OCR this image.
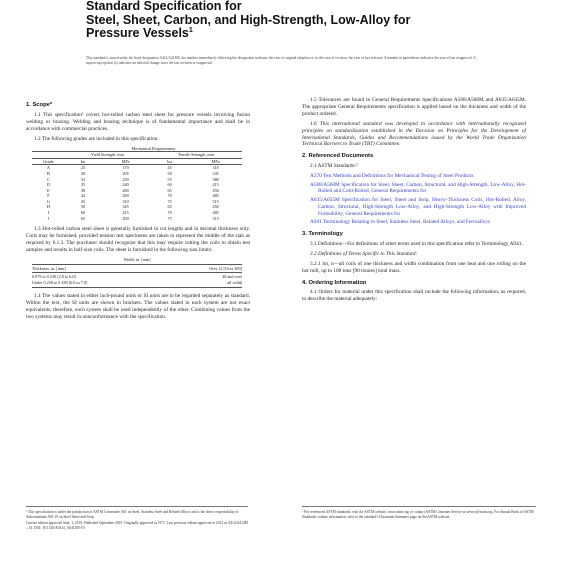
Standard Specification for
Steel, Sheet, Carbon, and High-Strength, Low-Alloy for
Pressure Vessels$^1$
This standard is issued under the fixed designation A414/A414M; the number immediately following the designation indicates the year of original adoption or, in the case of revision, the year of last revision. A number in parentheses indicates the year of last reapproval. A superscript epsilon (ε) indicates an editorial change since the last revision or reapproval.
1. Scope*

1.1 This specification¹ covers hot-rolled carbon steel sheet for pressure vessels involving fusion welding or brazing. Welding and brazing technique is of fundamental importance and shall be in accordance with commercial practices.

1.2 The following grades are included in this specification:

	Mechanical Requirements			
	Yield Strength, min		Tensile Strength, min	
Grade	ksi	MPa	ksi	MPa
A	25	170	45	310
B	30	205	50	345
C	33	230	55	380
D	35	240	60	415
E	38	260	65	450
F	42	290	70	485
G	45	310	75	515
H	50	345	65	450
I	60	415	70	485
J	65	450	75	515

1.3 Hot-rolled carbon steel sheet is generally furnished in cut lengths and in decimal thickness only. Coils may be furnished, provided tension test specimens are taken to represent the middle of the slab as required by 6.1.3. The purchaser should recognize that this may require cutting the coils to obtain test samples and results in half-size coils. The sheet is furnished in the following size limits:

Width, in. [mm]
Thickness, in. [mm]	Over 12 [Over 300]
0.079 to 0.230 [2.0 to 6.0]	48 and over
Under 0.230 to 0.180 [6.0 to 7.0]	all width

1.4 The values stated in either inch-pound units or SI units are to be regarded separately as standard. Within the text, the SI units are shown in brackets. The values stated in each system are not exact equivalents; therefore, each system shall be used independently of the other. Combining values from the two systems may result in nonconformance with the specification.

1.5 Tolerances are found in General Requirements Specifications A568/A568M and A635/A635M. The appropriate General Requirements specification is applied based on the thickness and width of the product ordered.

1.6 This international standard was developed in accordance with internationally recognized principles on standardization established in the Decision on Principles for the Development of International Standards, Guides and Recommendations issued by the World Trade Organization Technical Barriers to Trade (TBT) Committee.

2. Referenced Documents

2.1 ASTM Standards:²

A370 Test Methods and Definitions for Mechanical Testing of Steel Products
A568/A568M Specification for Steel, Sheet, Carbon, Structural, and High-Strength, Low-Alloy, Hot-Rolled and Cold-Rolled, General Requirements for
A635/A635M Specification for Steel, Sheet and Strip, Heavy-Thickness Coils, Hot-Rolled, Alloy, Carbon, Structural, High-Strength Low-Alloy, and High-Strength Low-Alloy with Improved Formability, General Requirements for
A941 Terminology Relating to Steel, Stainless Steel, Related Alloys, and Ferroalloys
3. Terminology

3.1 Definitions—For definitions of other terms used in this specification refer to Terminology A941.

3.2 Definitions of Terms Specific to This Standard:

3.2.1 lot, n—all coils of one thickness and width combination from one heat and one rolling on the hot mill, up to 100 tons [90 tonnes] total mass.

4. Ordering Information

4.1 Orders for material under this specification shall include the following information, as required, to describe the material adequately:

¹ This specification is under the jurisdiction of ASTM Committee A01 on Steel, Stainless Steel and Related Alloys and is the direct responsibility of Subcommittee A01.19 on Steel Sheet and Strip.

Current edition approved Sept. 1, 2019. Published September 2019. Originally approved in 1971. Last previous edition approved in 2014 as A414/A414M – 14. DOI: 10.1520/A0414_A0414M-19.

² For referenced ASTM standards, visit the ASTM website, www.astm.org, or contact ASTM Customer Service at service@astm.org. For Annual Book of ASTM Standards volume information, refer to the standard's Document Summary page on the ASTM website.
